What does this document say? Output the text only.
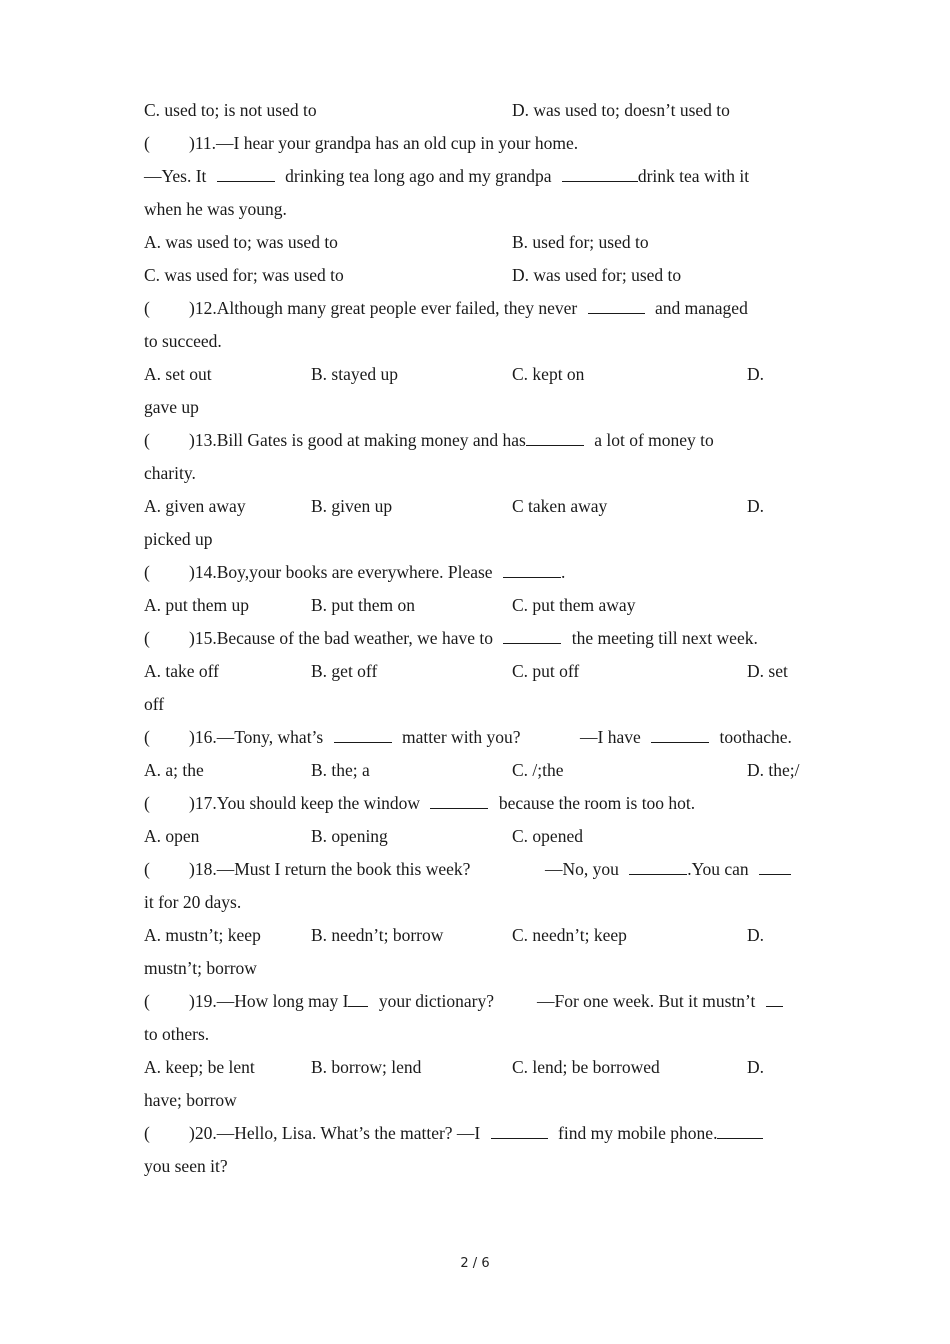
C. used to; is not used to	D. was used to; doesn’t used to
( )11.—I hear your grandpa has an old cup in your home.
—Yes. It	drinking tea long ago and my grandpa	drink tea with it
when he was young.
A. was used to; was used to	B. used for; used to
C. was used for; was used to	D. was used for; used to
( )12.Although many great people ever failed, they never	and managed
to succeed.
A. set out	B. stayed up	C. kept on	D.
gave up
( )13.Bill Gates is good at making money and has	a lot of money to
charity.
A. given away	B. given up	C taken away	D.
picked up
( )14.Boy,your books are everywhere. Please	.
A. put them up	B. put them on	C. put them away
( )15.Because of the bad weather, we have to	the meeting till next week.
A. take off	B. get off	C. put off	D. set
off
( )16.—Tony, what’s	matter with you?	—I have	toothache.
A. a; the	B. the; a	C. /;the	D. the;/
( )17.You should keep the window	because the room is too hot.
A. open	B. opening	C. opened
( )18.—Must I return the book this week?	—No, you	.You can
it for 20 days.
A. mustn’t; keep	B. needn’t; borrow	C. needn’t; keep	D.
mustn’t; borrow
( )19.—How long may I your dictionary? —For one week. But it mustn’t
to others.
A. keep; be lent	B. borrow; lend	C. lend; be borrowed	D.
have; borrow
( )20.—Hello, Lisa. What’s the matter? —I	find my mobile phone.
you seen it?
2 / 6
